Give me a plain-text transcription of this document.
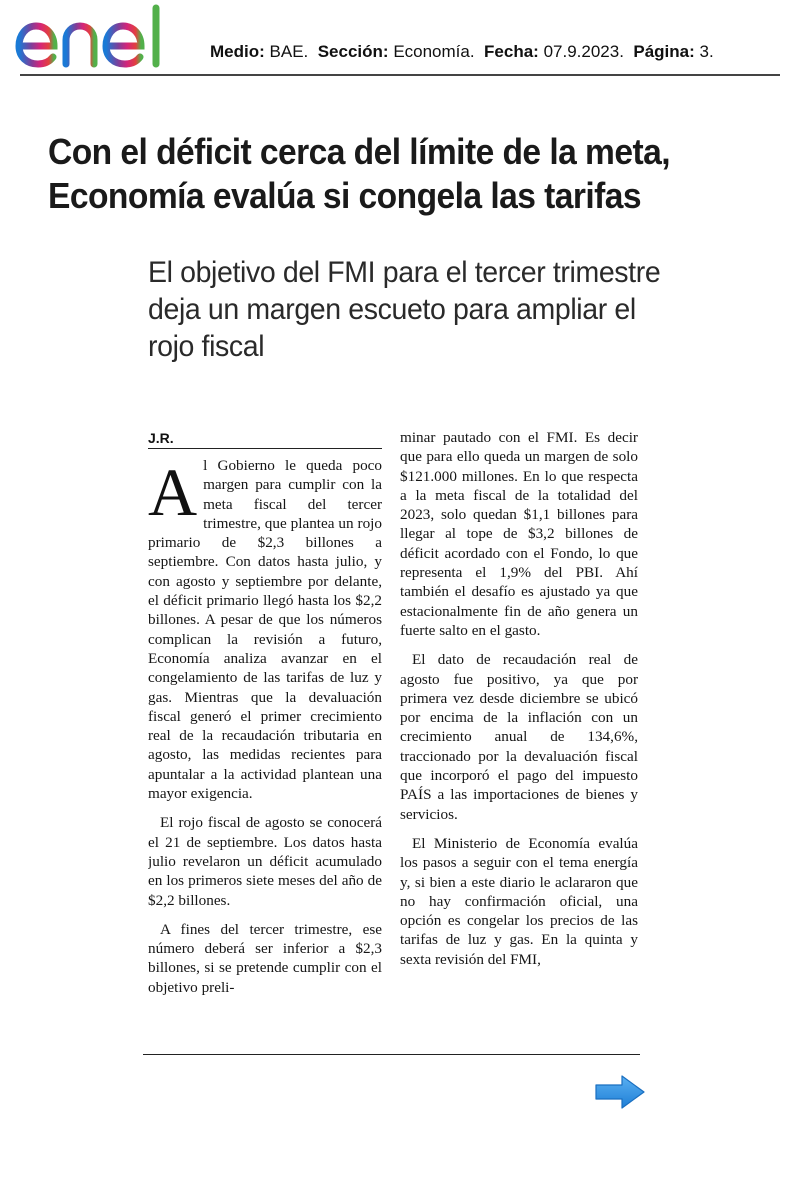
Medio: BAE. Sección: Economía. Fecha: 07.9.2023. Página: 3.
Con el déficit cerca del límite de la meta, Economía evalúa si congela las tarifas
El objetivo del FMI para el tercer trimestre deja un margen escueto para ampliar el rojo fiscal
J.R.

Al Gobierno le queda poco margen para cumplir con la meta fiscal del tercer trimestre, que plantea un rojo primario de $2,3 billones a septiembre. Con datos hasta julio, y con agosto y septiembre por delante, el déficit primario llegó hasta los $2,2 billones. A pesar de que los números complican la revisión a futuro, Economía analiza avanzar en el congelamiento de las tarifas de luz y gas. Mientras que la devaluación fiscal generó el primer crecimiento real de la recaudación tributaria en agosto, las medidas recientes para apuntalar a la actividad plantean una mayor exigencia.

El rojo fiscal de agosto se conocerá el 21 de septiembre. Los datos hasta julio revelaron un déficit acumulado en los primeros siete meses del año de $2,2 billones.

A fines del tercer trimestre, ese número deberá ser inferior a $2,3 billones, si se pretende cumplir con el objetivo preli-

minar pautado con el FMI. Es decir que para ello queda un margen de solo $121.000 millones. En lo que respecta a la meta fiscal de la totalidad del 2023, solo quedan $1,1 billones para llegar al tope de $3,2 billones de déficit acordado con el Fondo, lo que representa el 1,9% del PBI. Ahí también el desafío es ajustado ya que estacionalmente fin de año genera un fuerte salto en el gasto.

El dato de recaudación real de agosto fue positivo, ya que por primera vez desde diciembre se ubicó por encima de la inflación con un crecimiento anual de 134,6%, traccionado por la devaluación fiscal que incorporó el pago del impuesto PAÍS a las importaciones de bienes y servicios.

El Ministerio de Economía evalúa los pasos a seguir con el tema energía y, si bien a este diario le aclararon que no hay confirmación oficial, una opción es congelar los precios de las tarifas de luz y gas. En la quinta y sexta revisión del FMI,
